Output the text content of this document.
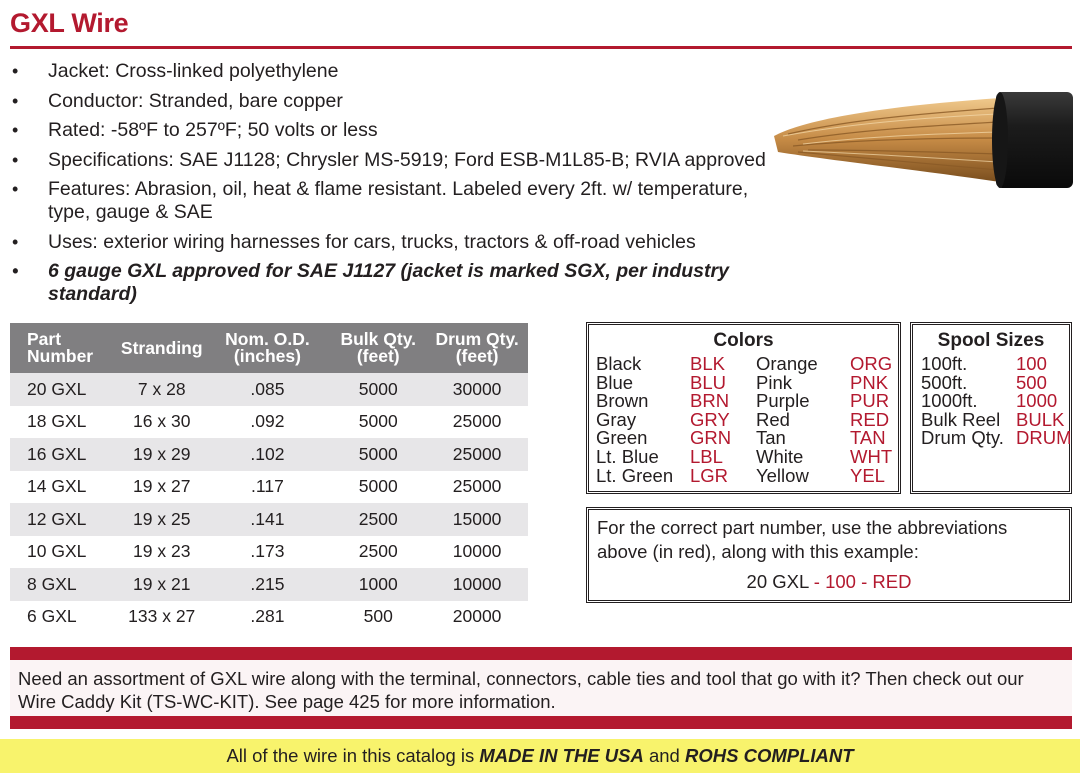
GXL Wire
• Jacket: Cross-linked polyethylene
• Conductor: Stranded, bare copper
• Rated: -58ºF to 257ºF; 50 volts or less
• Specifications: SAE J1128; Chrysler MS-5919; Ford ESB-M1L85-B; RVIA approved
• Features: Abrasion, oil, heat & flame resistant. Labeled every 2ft. w/ temperature, type, gauge & SAE
• Uses: exterior wiring harnesses for cars, trucks, tractors & off-road vehicles
• 6 gauge GXL approved for SAE J1127 (jacket is marked SGX, per industry standard)
Part Number	Stranding	Nom. O.D. (inches)	Bulk Qty. (feet)	Drum Qty. (feet)
20 GXL	7 x 28	.085	5000	30000
18 GXL	16 x 30	.092	5000	25000
16 GXL	19 x 29	.102	5000	25000
14 GXL	19 x 27	.117	5000	25000
12 GXL	19 x 25	.141	2500	15000
10 GXL	19 x 23	.173	2500	10000
8 GXL	19 x 21	.215	1000	10000
6 GXL	133 x 27	.281	500	20000
Colors
Black	BLK	Orange	ORG
Blue	BLU	Pink	PNK
Brown	BRN	Purple	PUR
Gray	GRY	Red	RED
Green	GRN	Tan	TAN
Lt. Blue	LBL	White	WHT
Lt. Green LGR	Yellow	YEL
Spool Sizes
100ft.	100
500ft.	500
1000ft.	1000
Bulk Reel BULK
Drum Qty. DRUM
For the correct part number, use the abbreviations above (in red), along with this example:
20 GXL - 100 - RED
Need an assortment of GXL wire along with the terminal, connectors, cable ties and tool that go with it? Then check out our Wire Caddy Kit (TS-WC-KIT). See page 425 for more information.
All of the wire in this catalog is MADE IN THE USA and ROHS COMPLIANT
